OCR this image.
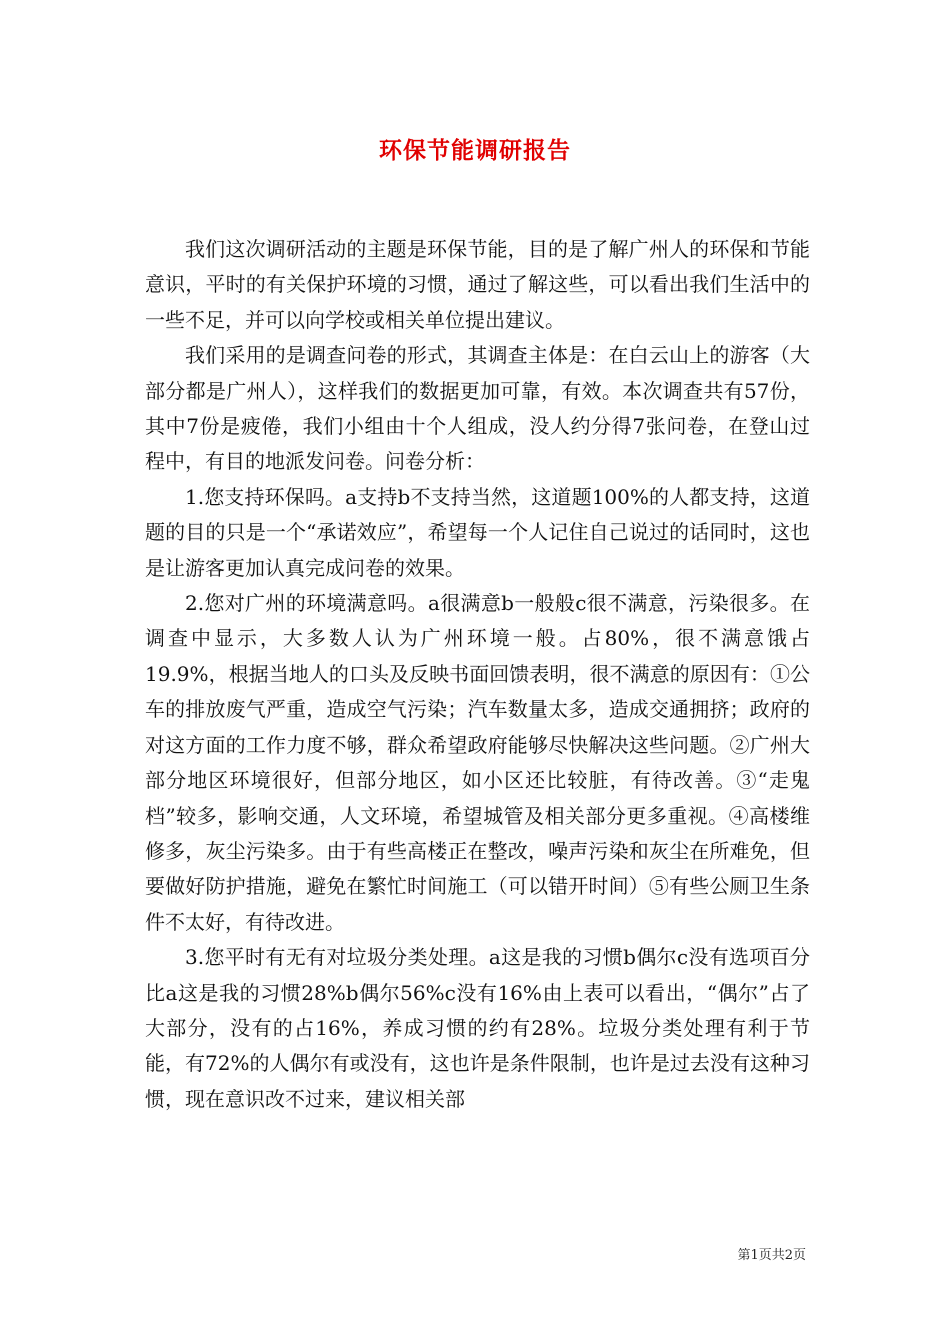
环保节能调研报告

我们这次调研活动的主题是环保节能，目的是了解广州人的环保和节能意识，平时的有关保护环境的习惯，通过了解这些，可以看出我们生活中的一些不足，并可以向学校或相关单位提出建议。

我们采用的是调查问卷的形式，其调查主体是：在白云山上的游客（大部分都是广州人），这样我们的数据更加可靠，有效。本次调查共有57份，其中7份是疲倦，我们小组由十个人组成，没人约分得7张问卷，在登山过程中，有目的地派发问卷。问卷分析：

1.您支持环保吗。a支持b不支持当然，这道题100%的人都支持，这道题的目的只是一个“承诺效应”，希望每一个人记住自己说过的话同时，这也是让游客更加认真完成问卷的效果。

2.您对广州的环境满意吗。a很满意b一般般c很不满意，污染很多。在调查中显示，大多数人认为广州环境一般。占80%，很不满意饿占19.9%，根据当地人的口头及反映书面回馈表明，很不满意的原因有：①公车的排放废气严重，造成空气污染；汽车数量太多，造成交通拥挤；政府的对这方面的工作力度不够，群众希望政府能够尽快解决这些问题。②广州大部分地区环境很好，但部分地区，如小区还比较脏，有待改善。③“走鬼档”较多，影响交通，人文环境，希望城管及相关部分更多重视。④高楼维修多，灰尘污染多。由于有些高楼正在整改，噪声污染和灰尘在所难免，但要做好防护措施，避免在繁忙时间施工（可以错开时间）⑤有些公厕卫生条件不太好，有待改进。

3.您平时有无有对垃圾分类处理。a这是我的习惯b偶尔c没有选项百分比a这是我的习惯28%b偶尔56%c没有16%由上表可以看出，“偶尔”占了大部分，没有的占16%，养成习惯的约有28%。垃圾分类处理有利于节能，有72%的人偶尔有或没有，这也许是条件限制，也许是过去没有这种习惯，现在意识改不过来，建议相关部

第1页共2页
